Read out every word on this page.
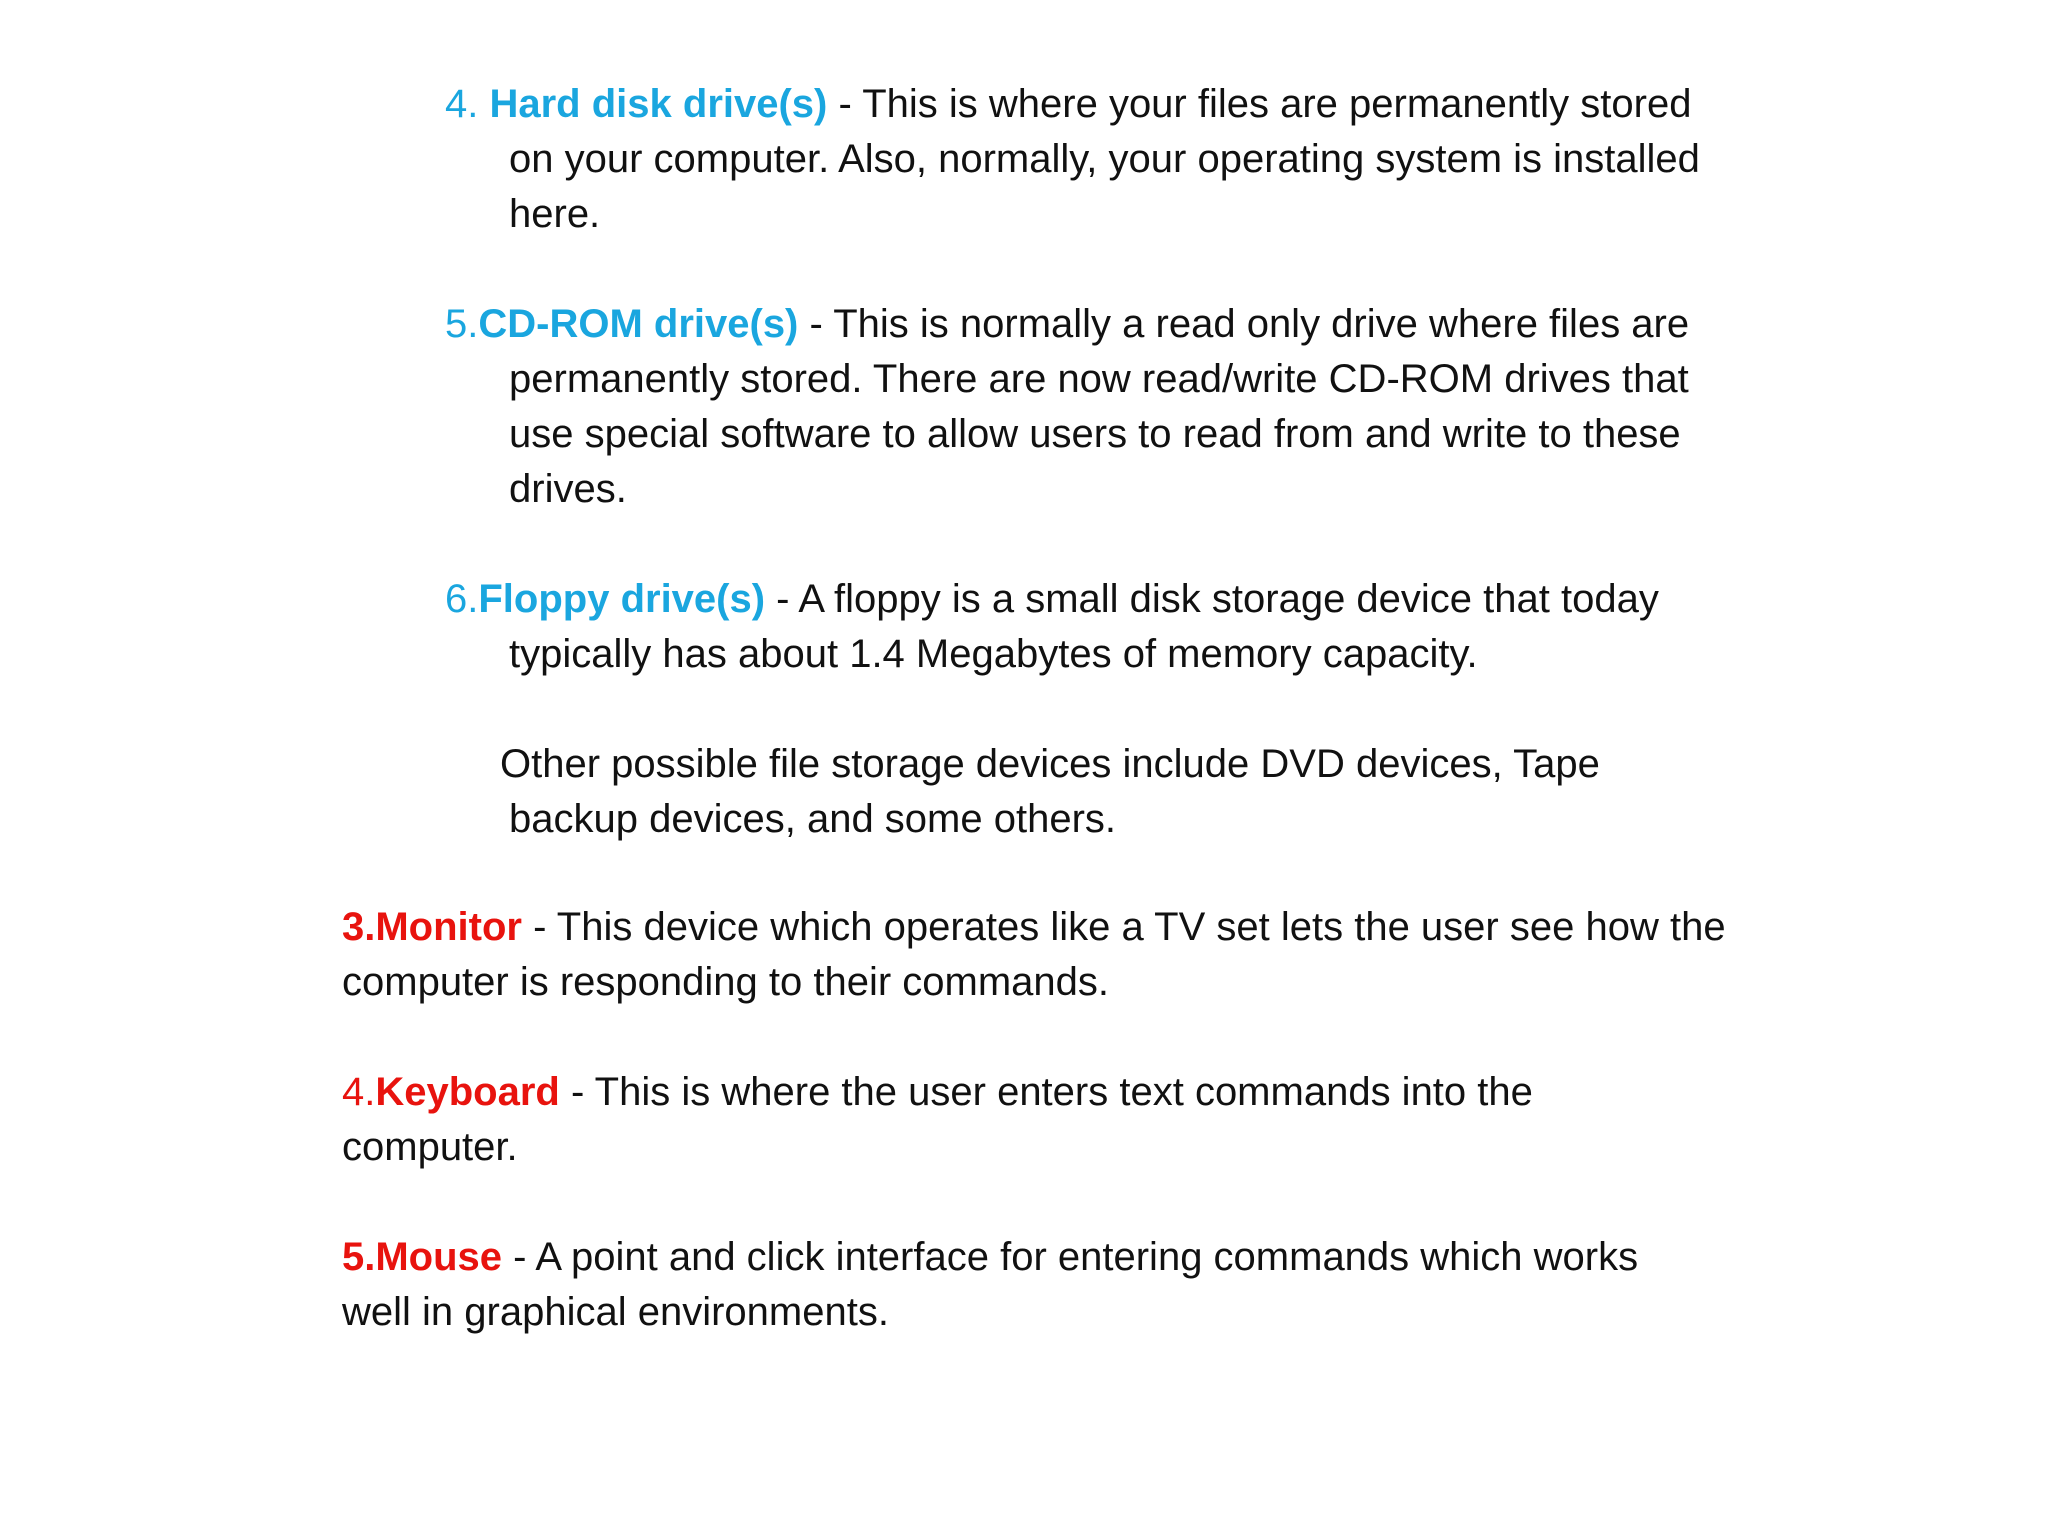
4. Hard disk drive(s) - This is where your files are permanently stored
on your computer. Also, normally, your operating system is installed
here.
5.CD-ROM drive(s) - This is normally a read only drive where files are
permanently stored. There are now read/write CD-ROM drives that
use special software to allow users to read from and write to these
drives.
6.Floppy drive(s) - A floppy is a small disk storage device that today
typically has about 1.4 Megabytes of memory capacity.
Other possible file storage devices include DVD devices, Tape
backup devices, and some others.
3.Monitor - This device which operates like a TV set lets the user see how the
computer is responding to their commands.
4.Keyboard - This is where the user enters text commands into the
computer.
5.Mouse - A point and click interface for entering commands which works
well in graphical environments.
